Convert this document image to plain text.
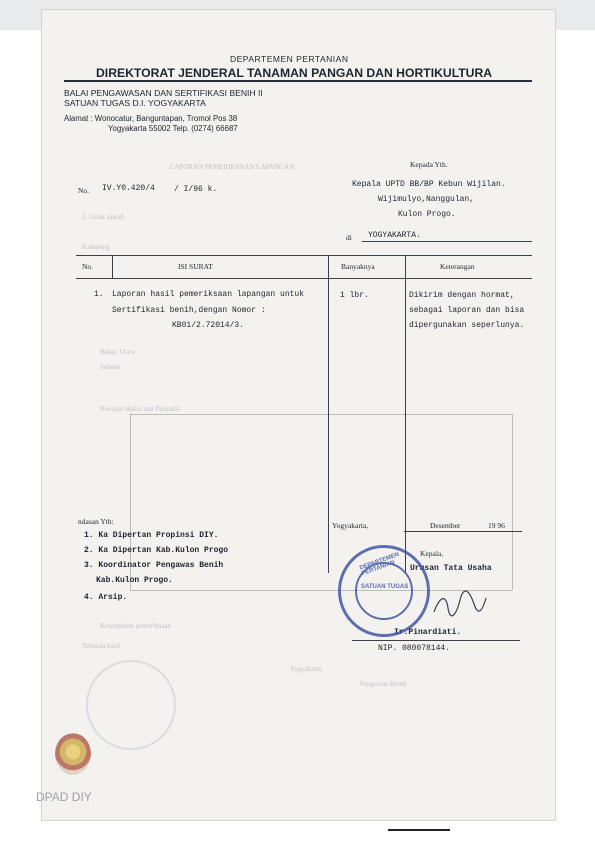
LAPORAN PEMERIKSAAN LAPANGAN
2. Letak sawah
Kampung
Batas: Utara
Selatan
Riwayat Hama dan Penyakit
Kesimpulan pemeriksaan
Tebusan hasil
Yogyakarta
Pengawas Benih
DEPARTEMEN PERTANIAN
DIREKTORAT JENDERAL TANAMAN PANGAN DAN HORTIKULTURA
BALAI PENGAWASAN DAN SERTIFIKASI BENIH II
SATUAN TUGAS D.I. YOGYAKARTA
Alamat : Wonocatur, Banguntapan, Tromol Pos 38
Yogyakarta 55002 Telp. (0274) 66687
Kepada Yth.
No. IV.Y0.420/4 / I/96 k.
Kepala UPTD BB/BP Kebun Wijilan.
Wijimulyo,Nanggulan,
Kulon Progo.
di YOGYAKARTA.
No.	ISI SURAT	Banyaknya	Keterangan
1. Laporan hasil pemeriksaan lapangan untuk
Sertifikasi benih,dengan Nomor :
KB01/2.72014/3.
1 lbr.	Dikirim dengan hormat,
sebagai laporan dan bisa
dipergunakan seperlunya.
ndasan Yth:
1. Ka Dipertan Propinsi DIY.
2. Ka Dipertan Kab.Kulon Progo
3. Koordinator Pengawas Benih
Kab.Kulon Progo.
4. Arsip.
Yogyakarta,	Desember	19 96
Kepala,
Urusan Tata Usaha
Ir.Pinardiati.
NIP. 080078144.
DEPARTEMEN PERTANIAN
SATUAN TUGAS
DPAD DIY
